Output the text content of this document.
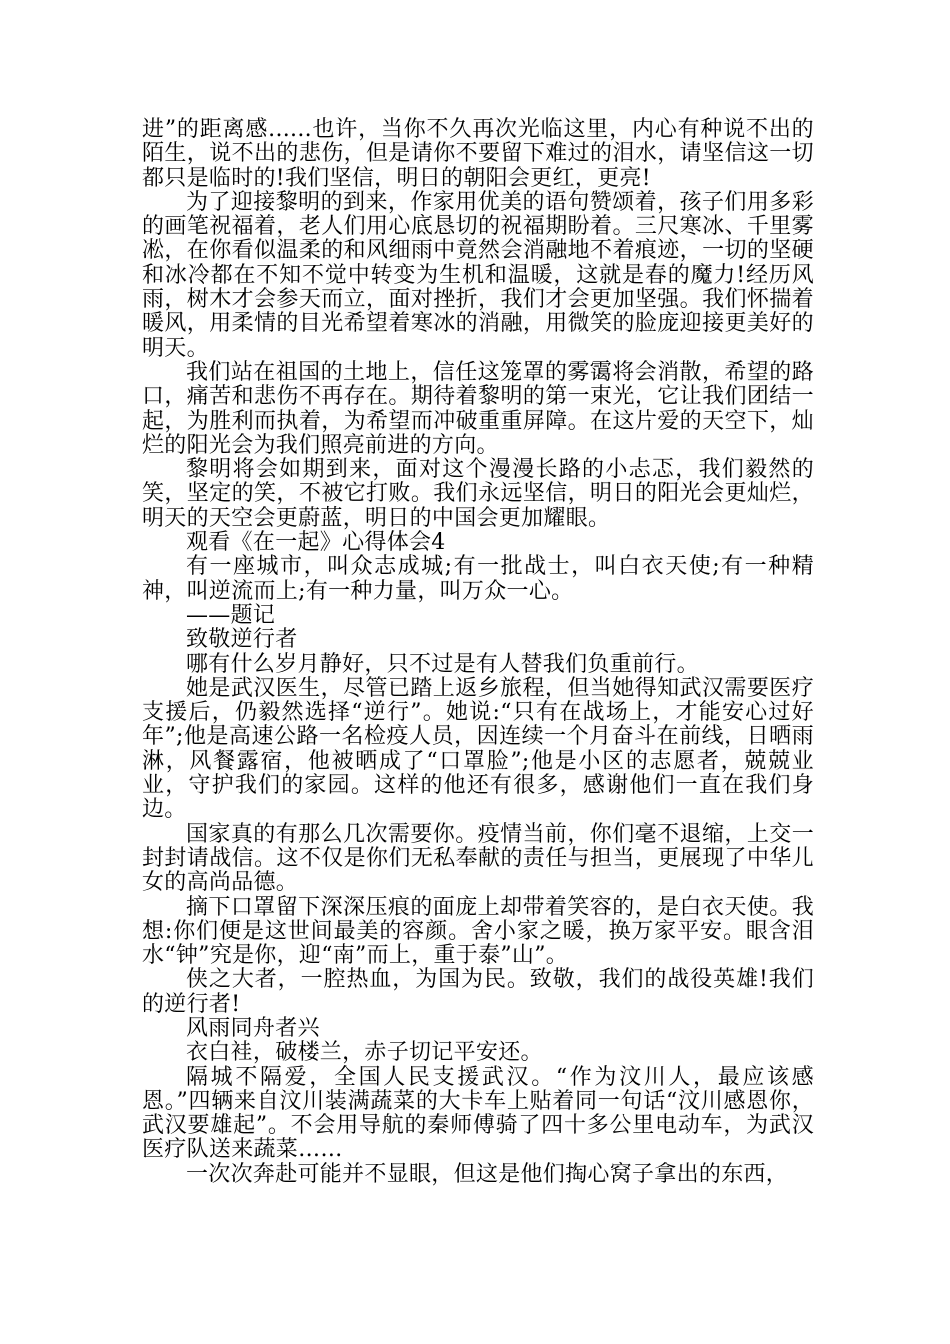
进”的距离感......也许，当你不久再次光临这里，内心有种说不出的陌生，说不出的悲伤，但是请你不要留下难过的泪水，请坚信这一切都只是临时的!我们坚信，明日的朝阳会更红，更亮!

为了迎接黎明的到来，作家用优美的语句赞颂着，孩子们用多彩的画笔祝福着，老人们用心底恳切的祝福期盼着。三尺寒冰、千里雾凇，在你看似温柔的和风细雨中竟然会消融地不着痕迹，一切的坚硬和冰冷都在不知不觉中转变为生机和温暖，这就是春的魔力!经历风雨，树木才会参天而立，面对挫折，我们才会更加坚强。我们怀揣着暖风，用柔情的目光希望着寒冰的消融，用微笑的脸庞迎接更美好的明天。

我们站在祖国的土地上，信任这笼罩的雾霭将会消散，希望的路口，痛苦和悲伤不再存在。期待着黎明的第一束光，它让我们团结一起，为胜利而执着，为希望而冲破重重屏障。在这片爱的天空下，灿烂的阳光会为我们照亮前进的方向。

黎明将会如期到来，面对这个漫漫长路的小忐忑，我们毅然的笑，坚定的笑，不被它打败。我们永远坚信，明日的阳光会更灿烂，明天的天空会更蔚蓝，明日的中国会更加耀眼。

观看《在一起》心得体会4

有一座城市，叫众志成城;有一批战士，叫白衣天使;有一种精神，叫逆流而上;有一种力量，叫万众一心。

——题记

致敬逆行者

哪有什么岁月静好，只不过是有人替我们负重前行。

她是武汉医生，尽管已踏上返乡旅程，但当她得知武汉需要医疗支援后，仍毅然选择“逆行”。她说:“只有在战场上，才能安心过好年”;他是高速公路一名检疫人员，因连续一个月奋斗在前线，日晒雨淋，风餐露宿，他被晒成了“口罩脸”;他是小区的志愿者，兢兢业业，守护我们的家园。这样的他还有很多，感谢他们一直在我们身边。

国家真的有那么几次需要你。疫情当前，你们毫不退缩，上交一封封请战信。这不仅是你们无私奉献的责任与担当，更展现了中华儿女的高尚品德。

摘下口罩留下深深压痕的面庞上却带着笑容的，是白衣天使。我想:你们便是这世间最美的容颜。舍小家之暖，换万家平安。眼含泪水“钟”究是你，迎“南”而上，重于泰”山”。

侠之大者，一腔热血，为国为民。致敬，我们的战役英雄!我们的逆行者!

风雨同舟者兴

衣白袿，破楼兰，赤子切记平安还。

隔城不隔爱，全国人民支援武汉。“作为汶川人，最应该感恩。”四辆来自汶川装满蔬菜的大卡车上贴着同一句话“汶川感恩你，武汉要雄起”。不会用导航的秦师傅骑了四十多公里电动车，为武汉医疗队送来蔬菜……

一次次奔赴可能并不显眼，但这是他们掏心窝子拿出的东西，
